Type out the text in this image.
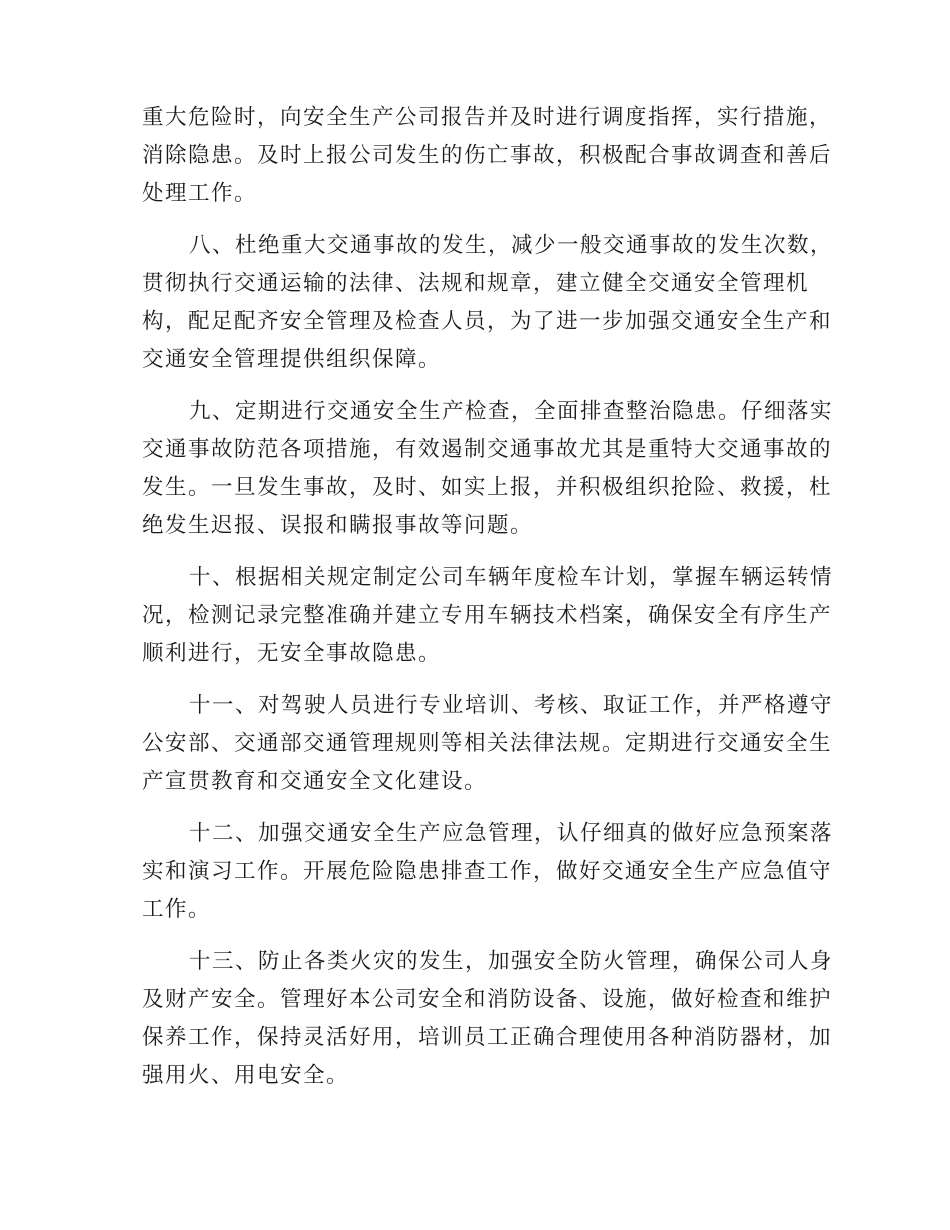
重大危险时，向安全生产公司报告并及时进行调度指挥，实行措施，
消除隐患。及时上报公司发生的伤亡事故，积极配合事故调查和善后
处理工作。
八、杜绝重大交通事故的发生，减少一般交通事故的发生次数，
贯彻执行交通运输的法律、法规和规章，建立健全交通安全管理机
构，配足配齐安全管理及检查人员，为了进一步加强交通安全生产和
交通安全管理提供组织保障。
九、定期进行交通安全生产检查，全面排查整治隐患。仔细落实
交通事故防范各项措施，有效遏制交通事故尤其是重特大交通事故的
发生。一旦发生事故，及时、如实上报，并积极组织抢险、救援，杜
绝发生迟报、误报和瞒报事故等问题。
十、根据相关规定制定公司车辆年度检车计划，掌握车辆运转情
况，检测记录完整准确并建立专用车辆技术档案，确保安全有序生产
顺利进行，无安全事故隐患。
十一、对驾驶人员进行专业培训、考核、取证工作，并严格遵守
公安部、交通部交通管理规则等相关法律法规。定期进行交通安全生
产宣贯教育和交通安全文化建设。
十二、加强交通安全生产应急管理，认仔细真的做好应急预案落
实和演习工作。开展危险隐患排查工作，做好交通安全生产应急值守
工作。
十三、防止各类火灾的发生，加强安全防火管理，确保公司人身
及财产安全。管理好本公司安全和消防设备、设施，做好检查和维护
保养工作，保持灵活好用，培训员工正确合理使用各种消防器材，加
强用火、用电安全。
